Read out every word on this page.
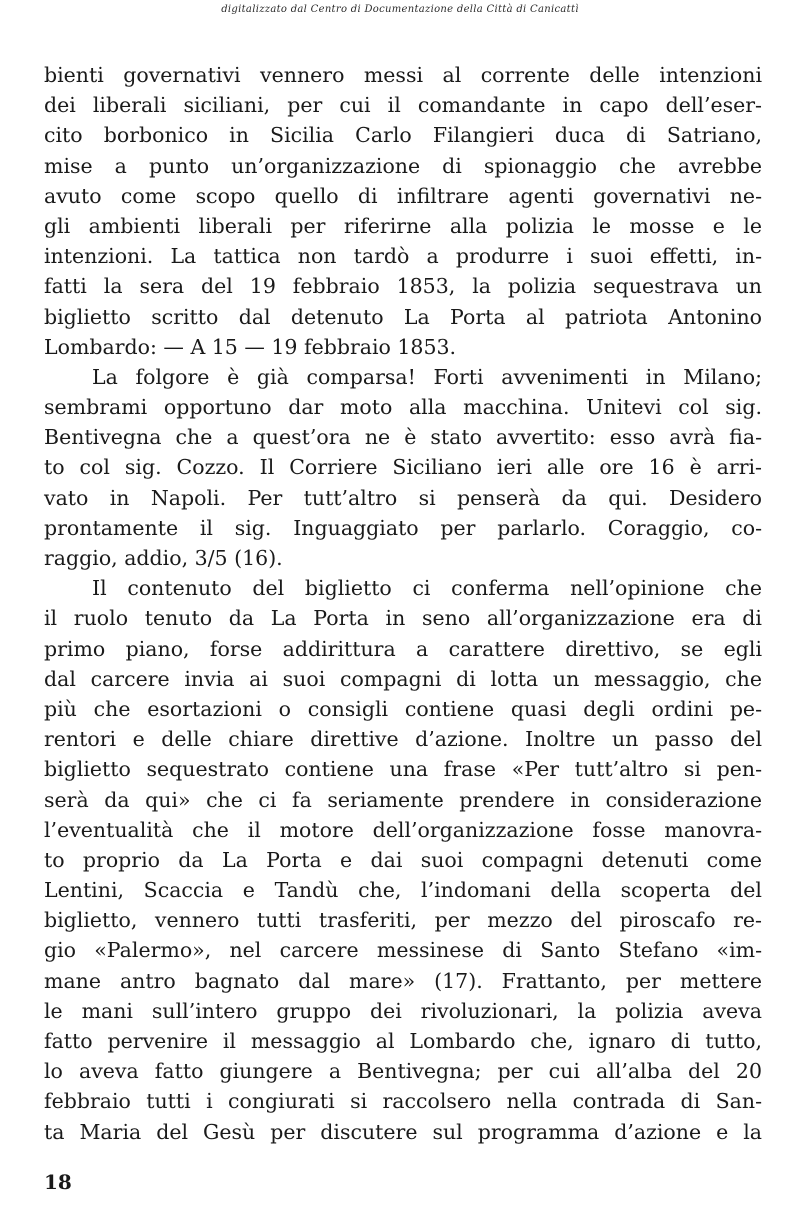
digitalizzato dal Centro di Documentazione della Città di Canicattì
bienti governativi vennero messi al corrente delle intenzioni
dei liberali siciliani, per cui il comandante in capo dell’eser-
cito borbonico in Sicilia Carlo Filangieri duca di Satriano,
mise a punto un’organizzazione di spionaggio che avrebbe
avuto come scopo quello di infiltrare agenti governativi ne-
gli ambienti liberali per riferirne alla polizia le mosse e le
intenzioni. La tattica non tardò a produrre i suoi effetti, in-
fatti la sera del 19 febbraio 1853, la polizia sequestrava un
biglietto scritto dal detenuto La Porta al patriota Antonino
Lombardo: — A 15 — 19 febbraio 1853.
La folgore è già comparsa! Forti avvenimenti in Milano;
sembrami opportuno dar moto alla macchina. Unitevi col sig.
Bentivegna che a quest’ora ne è stato avvertito: esso avrà fia-
to col sig. Cozzo. Il Corriere Siciliano ieri alle ore 16 è arri-
vato in Napoli. Per tutt’altro si penserà da qui. Desidero
prontamente il sig. Inguaggiato per parlarlo. Coraggio, co-
raggio, addio, 3/5 (16).
Il contenuto del biglietto ci conferma nell’opinione che
il ruolo tenuto da La Porta in seno all’organizzazione era di
primo piano, forse addirittura a carattere direttivo, se egli
dal carcere invia ai suoi compagni di lotta un messaggio, che
più che esortazioni o consigli contiene quasi degli ordini pe-
rentori e delle chiare direttive d’azione. Inoltre un passo del
biglietto sequestrato contiene una frase «Per tutt’altro si pen-
serà da qui» che ci fa seriamente prendere in considerazione
l’eventualità che il motore dell’organizzazione fosse manovra-
to proprio da La Porta e dai suoi compagni detenuti come
Lentini, Scaccia e Tandù che, l’indomani della scoperta del
biglietto, vennero tutti trasferiti, per mezzo del piroscafo re-
gio «Palermo», nel carcere messinese di Santo Stefano «im-
mane antro bagnato dal mare» (17). Frattanto, per mettere
le mani sull’intero gruppo dei rivoluzionari, la polizia aveva
fatto pervenire il messaggio al Lombardo che, ignaro di tutto,
lo aveva fatto giungere a Bentivegna; per cui all’alba del 20
febbraio tutti i congiurati si raccolsero nella contrada di San-
ta Maria del Gesù per discutere sul programma d’azione e la
18
